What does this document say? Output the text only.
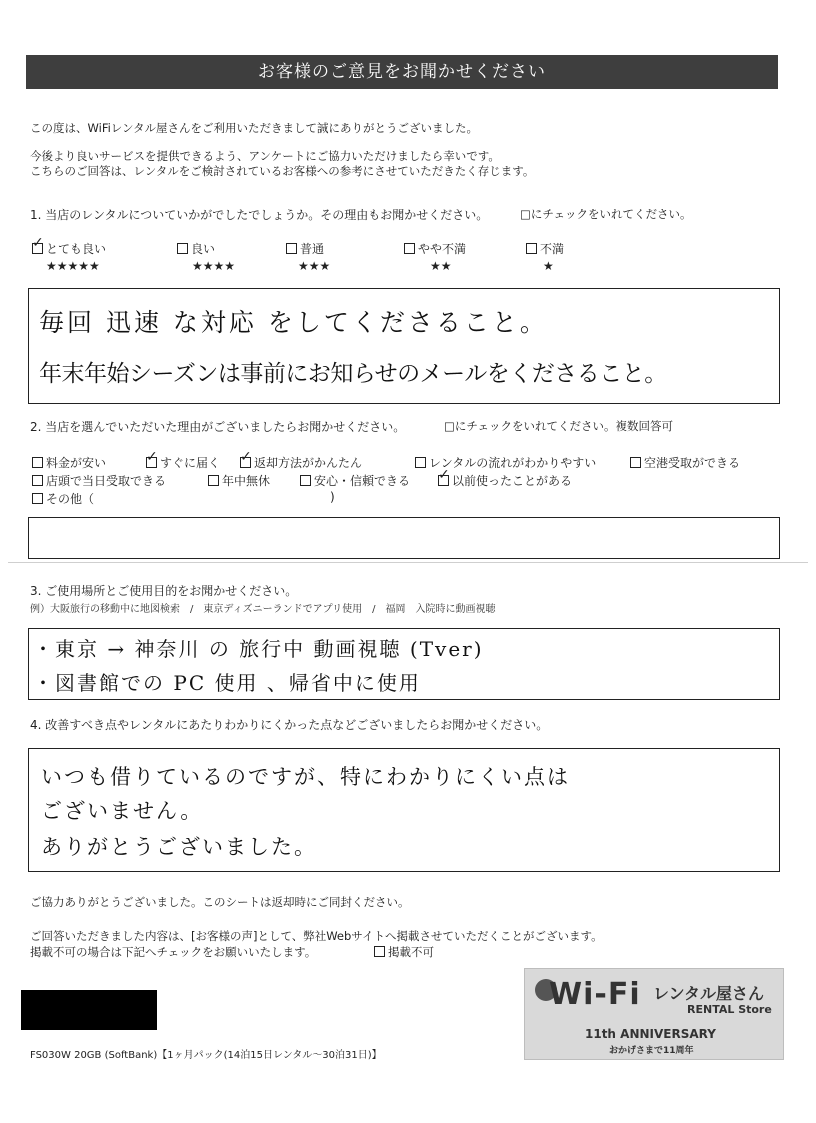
お客様のご意見をお聞かせください
この度は、WiFiレンタル屋さんをご利用いただきまして誠にありがとうございました。
今後より良いサービスを提供できるよう、アンケートにご協力いただけましたら幸いです。
こちらのご回答は、レンタルをご検討されているお客様への参考にさせていただきたく存じます。
1. 当店のレンタルについていかがでしたでしょうか。その理由もお聞かせください。	□にチェックをいれてください。
✓とても良い
★★★★★
良い
★★★★
普通
★★★
やや不満
★★
不満
★
毎回 迅速 な対応 をしてくださること。
年末年始シーズンは事前にお知らせのメールをくださること。
2. 当店を選んでいただいた理由がございましたらお聞かせください。	□にチェックをいれてください。複数回答可
料金が安い ✓	すぐに届く ✓	返却方法がかんたん	レンタルの流れがわかりやすい	空港受取ができる
店頭で当日受取できる	年中無休	安心・信頼できる ✓	以前使ったことがある
その他（	)
3. ご使用場所とご使用目的をお聞かせください。
例）大阪旅行の移動中に地図検索　/　東京ディズニーランドでアプリ使用　/　福岡　入院時に動画視聴
・東京 → 神奈川 の 旅行中 動画視聴 (Tver)
・図書館での PC 使用 、帰省中に使用
4. 改善すべき点やレンタルにあたりわかりにくかった点などございましたらお聞かせください。
いつも借りているのですが、特にわかりにくい点は
ございません。
ありがとうございました。
ご協力ありがとうございました。このシートは返却時にご同封ください。
ご回答いただきました内容は、[お客様の声]として、弊社Webサイトへ掲載させていただくことがございます。
掲載不可の場合は下記へチェックをお願いいたします。	掲載不可
FS030W 20GB (SoftBank)【1ヶ月パック(14泊15日レンタル～30泊31日)】
Wi-Fi レンタル屋さん
RENTAL Store
11th ANNIVERSARY
おかげさまで11周年
